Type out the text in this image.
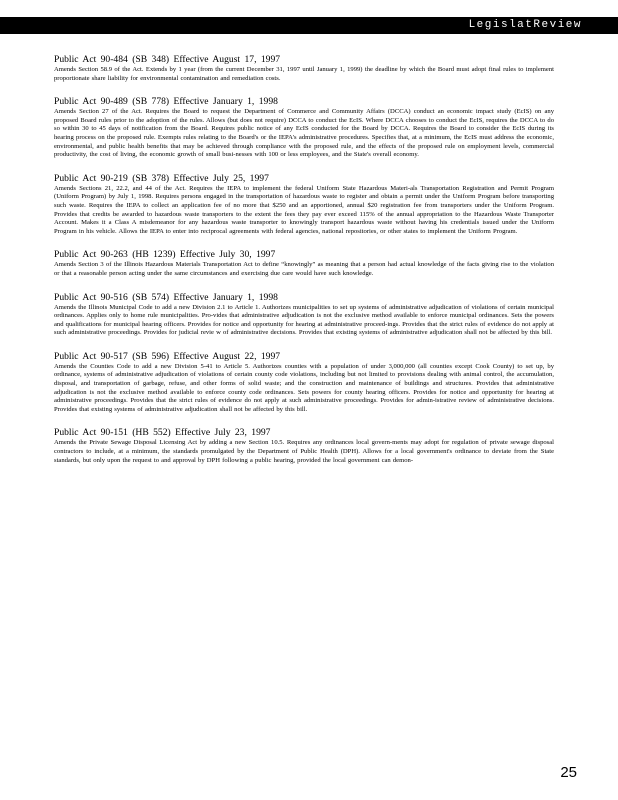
LegislatReview
Public Act 90-484 (SB 348) Effective August 17, 1997

Amends Section 58.9 of the Act. Extends by 1 year (from the current December 31, 1997 until January 1, 1999) the deadline by which the Board must adopt final rules to implement proportionate share liability for environmental contamination and remediation costs.

Public Act 90-489 (SB 778) Effective January 1, 1998

Amends Section 27 of the Act. Requires the Board to request the Department of Commerce and Community Affairs (DCCA) conduct an economic impact study (EcIS) on any proposed Board rules prior to the adoption of the rules. Allows (but does not require) DCCA to conduct the EcIS. Where DCCA chooses to conduct the EcIS, requires the DCCA to do so within 30 to 45 days of notification from the Board. Requires public notice of any EcIS conducted for the Board by DCCA. Requires the Board to consider the EcIS during its hearing process on the proposed rule. Exempts rules relating to the Board's or the IEPA's administrative procedures. Specifies that, at a minimum, the EcIS must address the economic, environmental, and public health benefits that may be achieved through compliance with the proposed rule, and the effects of the proposed rule on employment levels, commercial productivity, the cost of living, the economic growth of small busi-nesses with 100 or less employees, and the State's overall economy.

Public Act 90-219 (SB 378) Effective July 25, 1997

Amends Sections 21, 22.2, and 44 of the Act. Requires the IEPA to implement the federal Uniform State Hazardous Materi-als Transportation Registration and Permit Program (Uniform Program) by July 1, 1998. Requires persons engaged in the transportation of hazardous waste to register and obtain a permit under the Uniform Program before transporting such waste. Requires the IEPA to collect an application fee of no more that $250 and an apportioned, annual $20 registration fee from transporters under the Uniform Program. Provides that credits be awarded to hazardous waste transporters to the extent the fees they pay ever exceed 115% of the annual appropriation to the Hazardous Waste Transporter Account. Makes it a Class A misdemeanor for any hazardous waste transporter to knowingly transport hazardous waste without having his credentials issued under the Uniform Program in his vehicle. Allows the IEPA to enter into reciprocal agreements with federal agencies, national repositories, or other states to implement the Uniform Program.

Public Act 90-263 (HB 1239) Effective July 30, 1997

Amends Section 3 of the Illinois Hazardous Materials Transportation Act to define “knowingly” as meaning that a person had actual knowledge of the facts giving rise to the violation or that a reasonable person acting under the same circumstances and exercising due care would have such knowledge.

Public Act 90-516 (SB 574) Effective January 1, 1998

Amends the Illinois Municipal Code to add a new Division 2.1 to Article 1. Authorizes municipalities to set up systems of administrative adjudication of violations of certain municipal ordinances. Applies only to home rule municipalities. Pro-vides that administrative adjudication is not the exclusive method available to enforce municipal ordinances. Sets the powers and qualifications for municipal hearing officers. Provides for notice and opportunity for hearing at administrative proceed-ings. Provides that the strict rules of evidence do not apply at such administrative proceedings. Provides for judicial revie w of administrative decisions. Provides that existing systems of administrative adjudication shall not be affected by this bill.

Public Act 90-517 (SB 596) Effective August 22, 1997

Amends the Counties Code to add a new Division 5-41 to Article 5. Authorizes counties with a population of under 3,000,000 (all counties except Cook County) to set up, by ordinance, systems of administrative adjudication of violations of certain county code violations, including but not limited to provisions dealing with animal control, the accumulation, disposal, and transportation of garbage, refuse, and other forms of solid waste; and the construction and maintenance of buildings and structures. Provides that administrative adjudication is not the exclusive method available to enforce county code ordinances. Sets powers for county hearing officers. Provides for notice and opportunity for hearing at administrative proceedings. Provides that the strict rules of evidence do not apply at such administrative proceedings. Provides for admin-istrative review of administrative decisions. Provides that existing systems of administrative adjudication shall not be affected by this bill.

Public Act 90-151 (HB 552) Effective July 23, 1997

Amends the Private Sewage Disposal Licensing Act by adding a new Section 10.5. Requires any ordinances local govern-ments may adopt for regulation of private sewage disposal contractors to include, at a minimum, the standards promulgated by the Department of Public Health (DPH). Allows for a local government's ordinance to deviate from the State standards, but only upon the request to and approval by DPH following a public hearing, provided the local government can demon-

25
